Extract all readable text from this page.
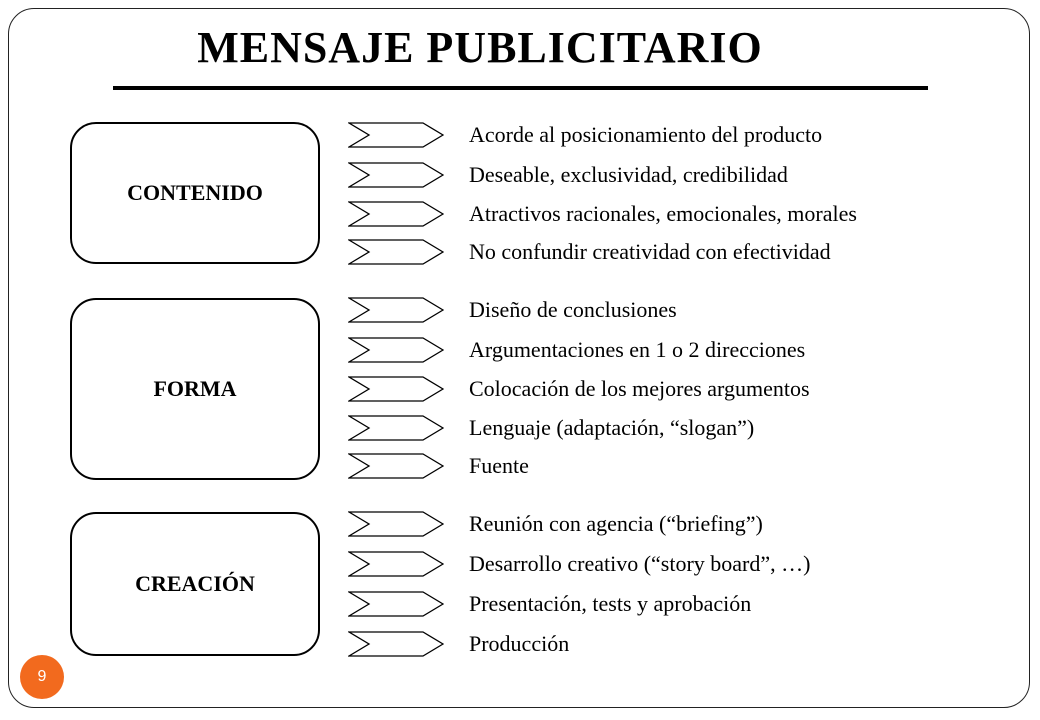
MENSAJE PUBLICITARIO
CONTENIDO
FORMA
CREACIÓN
Acorde al posicionamiento del producto
Deseable, exclusividad, credibilidad
Atractivos racionales, emocionales, morales
No confundir creatividad con efectividad
Diseño de conclusiones
Argumentaciones en 1 o 2 direcciones
Colocación de los mejores argumentos
Lenguaje (adaptación, “slogan”)
Fuente
Reunión con agencia (“briefing”)
Desarrollo creativo (“story board”, …)
Presentación, tests y aprobación
Producción
9
